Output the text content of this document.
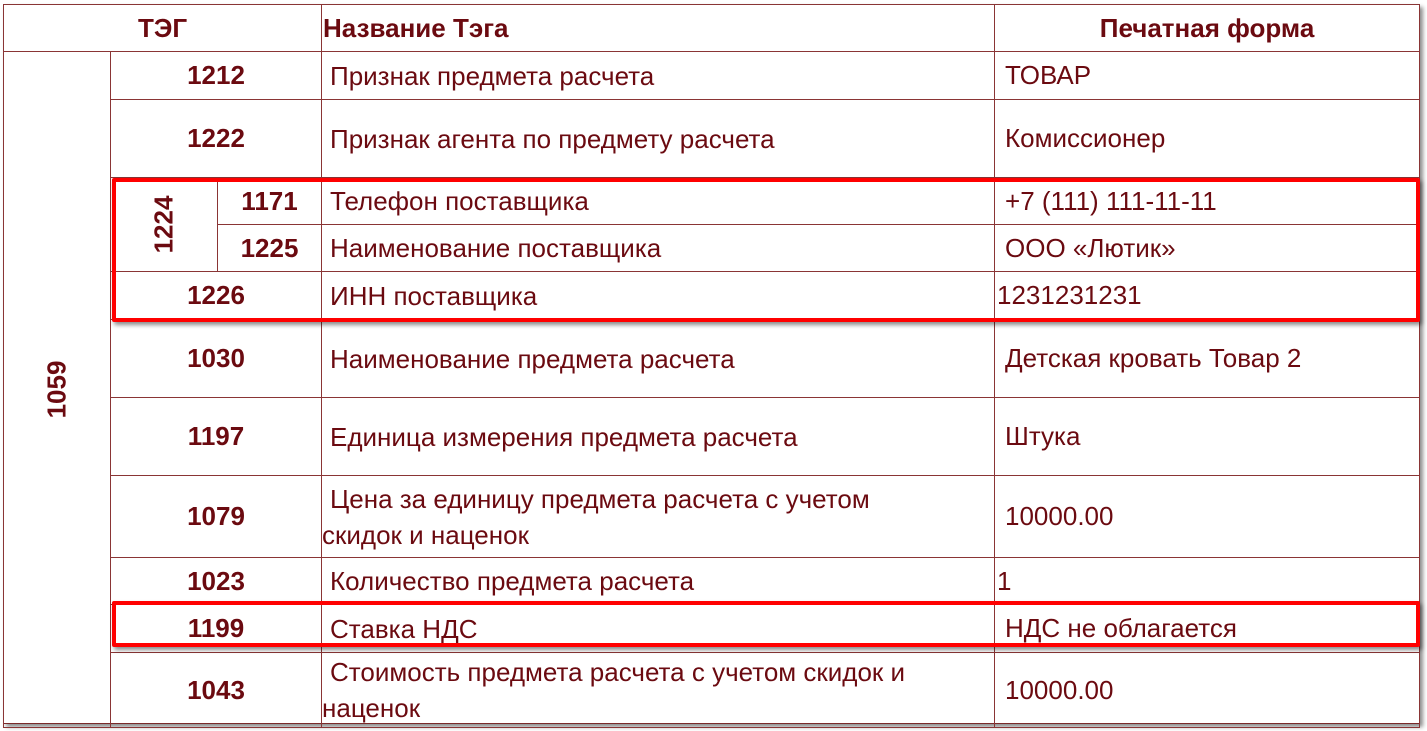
ТЭГ			Название Тэга	Печатная форма
1059	1212		Признак предмета расчета	ТОВАР
	1222		Признак агента по предмету расчета	Комиссионер
	1224	1171	Телефон поставщика	+7 (111) 111-11-11
		1225	Наименование поставщика	ООО «Лютик»
	1226		ИНН поставщика	1231231231
	1030		Наименование предмета расчета	Детская кровать Товар 2
	1197		Единица измерения предмета расчета	Штука
	1079		Цена за единицу предмета расчета с учетом
скидок и наценок	10000.00
	1023		Количество предмета расчета	1
	1199		Ставка НДС	НДС не облагается
	1043		Стоимость предмета расчета с учетом скидок и
наценок	10000.00
